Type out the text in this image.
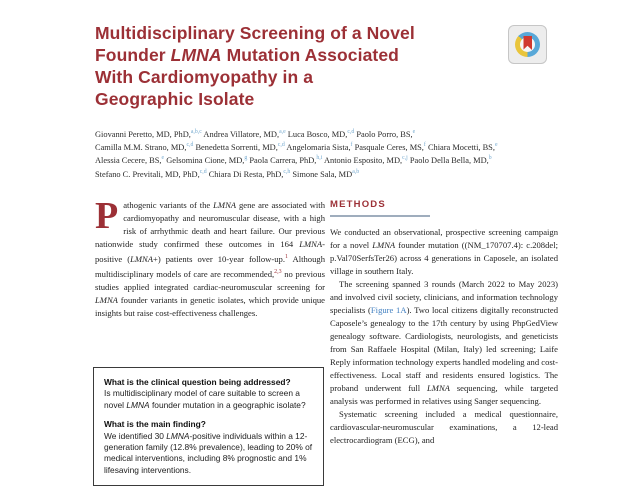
Multidisciplinary Screening of a Novel
Founder LMNA Mutation Associated
With Cardiomyopathy in a
Geographic Isolate
Giovanni Peretto, MD, PhD,$^{a,b,c}$ Andrea Villatore, MD,$^{a,e}$ Luca Bosco, MD,$^{c,d}$ Paolo Porro, BS,$^e$
Camilla M.M. Strano, MD,$^{c,d}$ Benedetta Sorrenti, MD,$^{c,d}$ Angelomaria Sista,$^f$ Pasquale Ceres, MS,$^f$ Chiara Mocetti, BS,$^e$
Alessia Cecere, BS,$^e$ Gelsomina Cione, MD,$^g$ Paola Carrera, PhD,$^{h,i}$ Antonio Esposito, MD,$^{c,j}$ Paolo Della Bella, MD,$^b$
Stefano C. Previtali, MD, PhD,$^{c,d}$ Chiara Di Resta, PhD,$^{c,h}$ Simone Sala, MD$^{a,b}$
Pathogenic variants of the LMNA gene are associated with cardiomyopathy and neuromuscular disease, with a high risk of arrhythmic death and heart failure. Our previous nationwide study confirmed these outcomes in 164 LMNA-positive (LMNA+) patients over 10-year follow-up.$^1$ Although multidisciplinary models of care are recommended,$^{2,3}$ no previous studies applied integrated cardiac-neuromuscular screening for LMNA founder variants in genetic isolates, which provide unique insights but raise cost-effectiveness challenges.
What is the clinical question being addressed?
Is multidisciplinary model of care suitable to screen a novel LMNA founder mutation in a geographic isolate?
What is the main finding?
We identified 30 LMNA-positive individuals within a 12-generation family (12.8% prevalence), leading to 20% of medical interventions, including 8% prognostic and 1% lifesaving interventions.
METHODS

We conducted an observational, prospective screening campaign for a novel LMNA founder mutation ((NM_170707.4): c.208del; p.Val70SerfsTer26) across 4 generations in Caposele, an isolated village in southern Italy.

The screening spanned 3 rounds (March 2022 to May 2023) and involved civil society, clinicians, and information technology specialists (Figure 1A). Two local citizens digitally reconstructed Caposele’s genealogy to the 17th century by using PhpGedView genealogy software. Cardiologists, neurologists, and geneticists from San Raffaele Hospital (Milan, Italy) led screening; Laife Reply information technology experts handled modeling and cost-effectiveness. Local staff and residents ensured logistics. The proband underwent full LMNA sequencing, while targeted analysis was performed in relatives using Sanger sequencing.

Systematic screening included a medical questionnaire, cardiovascular-neuromuscular examinations, a 12-lead electrocardiogram (ECG), and
